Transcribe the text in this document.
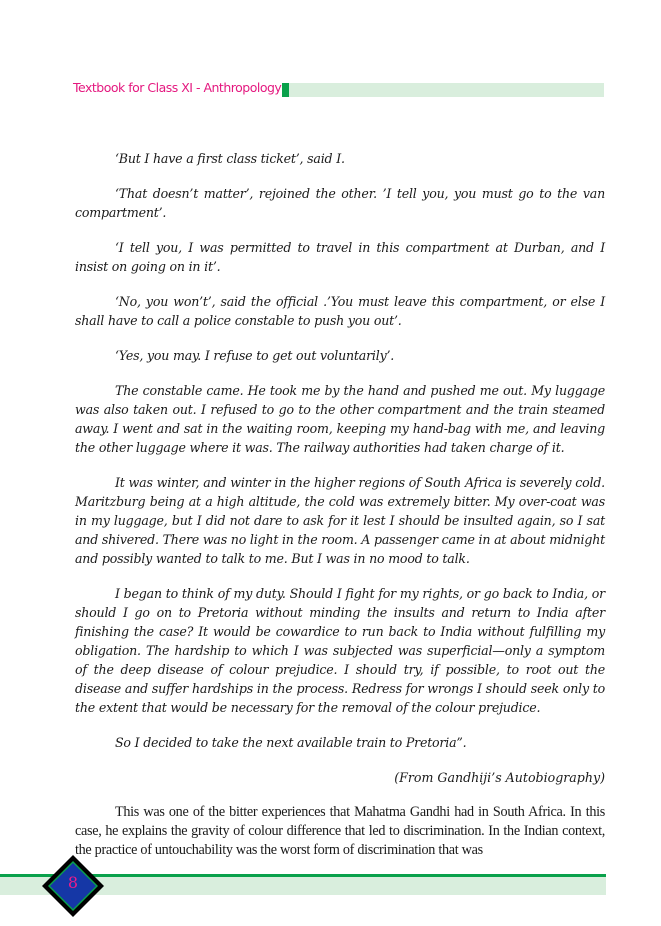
Textbook for Class XI - Anthropology

‘But I have a first class ticket’, said I.

‘That doesn’t matter’, rejoined the other. ’I tell you, you must go to the van compartment’.

‘I tell you, I was permitted to travel in this compartment at Durban, and I insist on going on in it’.

‘No, you won’t’, said the official .’You must leave this compartment, or else I shall have to call a police constable to push you out’.

‘Yes, you may. I refuse to get out voluntarily’.

The constable came. He took me by the hand and pushed me out. My luggage was also taken out. I refused to go to the other compartment and the train steamed away. I went and sat in the waiting room, keeping my hand-bag with me, and leaving the other luggage where it was. The railway authorities had taken charge of it.

It was winter, and winter in the higher regions of South Africa is severely cold. Maritzburg being at a high altitude, the cold was extremely bitter. My over-coat was in my luggage, but I did not dare to ask for it lest I should be insulted again, so I sat and shivered. There was no light in the room. A passenger came in at about midnight and possibly wanted to talk to me. But I was in no mood to talk.

I began to think of my duty. Should I fight for my rights, or go back to India, or should I go on to Pretoria without minding the insults and return to India after finishing the case? It would be cowardice to run back to India without fulfilling my obligation. The hardship to which I was subjected was superficial—only a symptom of the deep disease of colour prejudice. I should try, if possible, to root out the disease and suffer hardships in the process. Redress for wrongs I should seek only to the extent that would be necessary for the removal of the colour prejudice.

So I decided to take the next available train to Pretoria”.

(From Gandhiji’s Autobiography)

This was one of the bitter experiences that Mahatma Gandhi had in South Africa. In this case, he explains the gravity of colour difference that led to discrimination. In the Indian context, the practice of untouchability was the worst form of discrimination that was

8
